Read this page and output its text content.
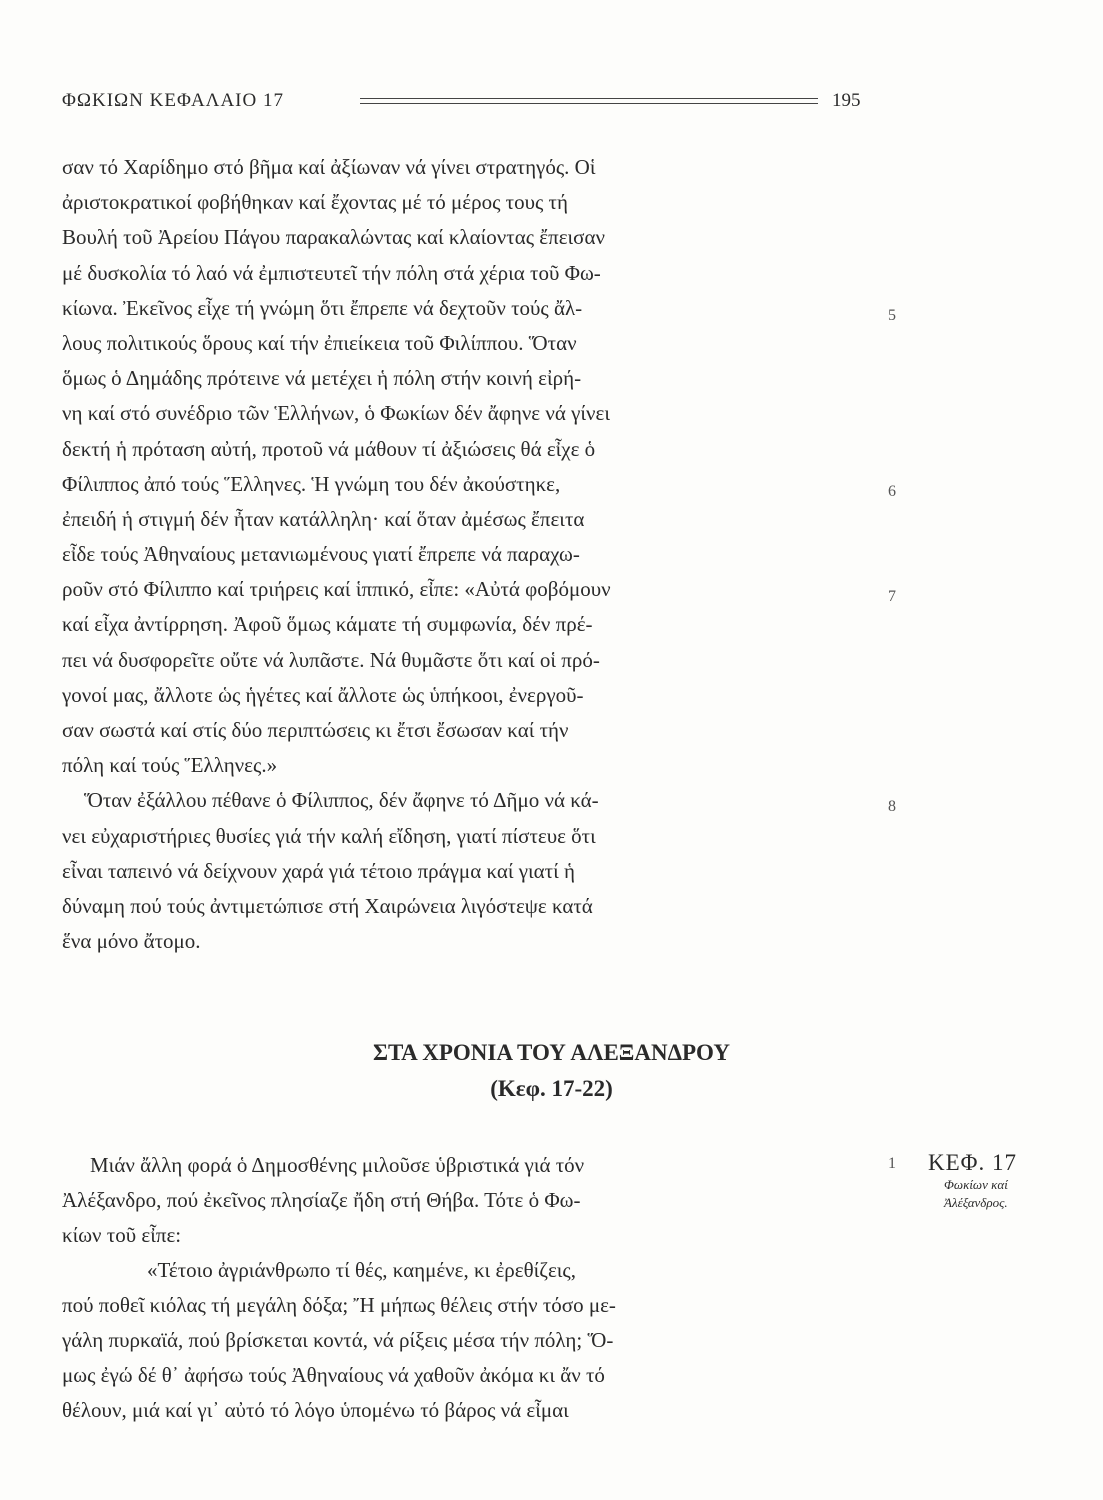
ΦΩΚΙΩΝ ΚΕΦΑΛΑΙΟ 17	195
σαν τό Χαρίδημο στό βῆμα καί ἀξίωναν νά γίνει στρατηγός. Οἱ
ἀριστοκρατικοί φοβήθηκαν καί ἔχοντας μέ τό μέρος τους τή
Βουλή τοῦ Ἀρείου Πάγου παρακαλώντας καί κλαίοντας ἔπεισαν
μέ δυσκολία τό λαό νά ἐμπιστευτεῖ τήν πόλη στά χέρια τοῦ Φω-
κίωνα. Ἐκεῖνος εἶχε τή γνώμη ὅτι ἔπρεπε νά δεχτοῦν τούς ἄλ-
λους πολιτικούς ὅρους καί τήν ἐπιείκεια τοῦ Φιλίππου. Ὅταν
ὅμως ὁ Δημάδης πρότεινε νά μετέχει ἡ πόλη στήν κοινή εἰρή-
νη καί στό συνέδριο τῶν Ἑλλήνων, ὁ Φωκίων δέν ἄφηνε νά γίνει
δεκτή ἡ πρόταση αὐτή, προτοῦ νά μάθουν τί ἀξιώσεις θά εἶχε ὁ
Φίλιππος ἀπό τούς Ἕλληνες. Ἡ γνώμη του δέν ἀκούστηκε,
ἐπειδή ἡ στιγμή δέν ἦταν κατάλληλη· καί ὅταν ἀμέσως ἔπειτα
εἶδε τούς Ἀθηναίους μετανιωμένους γιατί ἔπρεπε νά παραχω-
ροῦν στό Φίλιππο καί τριήρεις καί ἱππικό, εἶπε: «Αὐτά φοβόμουν
καί εἶχα ἀντίρρηση. Ἀφοῦ ὅμως κάματε τή συμφωνία, δέν πρέ-
πει νά δυσφορεῖτε οὔτε νά λυπᾶστε. Νά θυμᾶστε ὅτι καί οἱ πρό-
γονοί μας, ἄλλοτε ὡς ἡγέτες καί ἄλλοτε ὡς ὑπήκοοι, ἐνεργοῦ-
σαν σωστά καί στίς δύο περιπτώσεις κι ἔτσι ἔσωσαν καί τήν
πόλη καί τούς Ἕλληνες.»
Ὅταν ἐξάλλου πέθανε ὁ Φίλιππος, δέν ἄφηνε τό Δῆμο νά κά-
νει εὐχαριστήριες θυσίες γιά τήν καλή εἴδηση, γιατί πίστευε ὅτι
εἶναι ταπεινό νά δείχνουν χαρά γιά τέτοιο πράγμα καί γιατί ἡ
δύναμη πού τούς ἀντιμετώπισε στή Χαιρώνεια λιγόστεψε κατά
ἕνα μόνο ἄτομο.
5
6
7
8
1
ΣΤΑ ΧΡΟΝΙΑ ΤΟΥ ΑΛΕΞΑΝΔΡΟΥ
(Κεφ. 17-22)
Μιάν ἄλλη φορά ὁ Δημοσθένης μιλοῦσε ὑβριστικά γιά τόν
Ἀλέξανδρο, πού ἐκεῖνος πλησίαζε ἤδη στή Θήβα. Τότε ὁ Φω-
κίων τοῦ εἶπε:
«Τέτοιο ἀγριάνθρωπο τί θές, καημένε, κι ἐρεθίζεις,
πού ποθεῖ κιόλας τή μεγάλη δόξα; Ἤ μήπως θέλεις στήν τόσο με-
γάλη πυρκαϊά, πού βρίσκεται κοντά, νά ρίξεις μέσα τήν πόλη; Ὅ-
μως ἐγώ δέ θ᾽ ἀφήσω τούς Ἀθηναίους νά χαθοῦν ἀκόμα κι ἄν τό
θέλουν, μιά καί γι᾽ αὐτό τό λόγο ὑπομένω τό βάρος νά εἶμαι
ΚΕΦ. 17
Φωκίων καί
Ἀλέξανδρος.
